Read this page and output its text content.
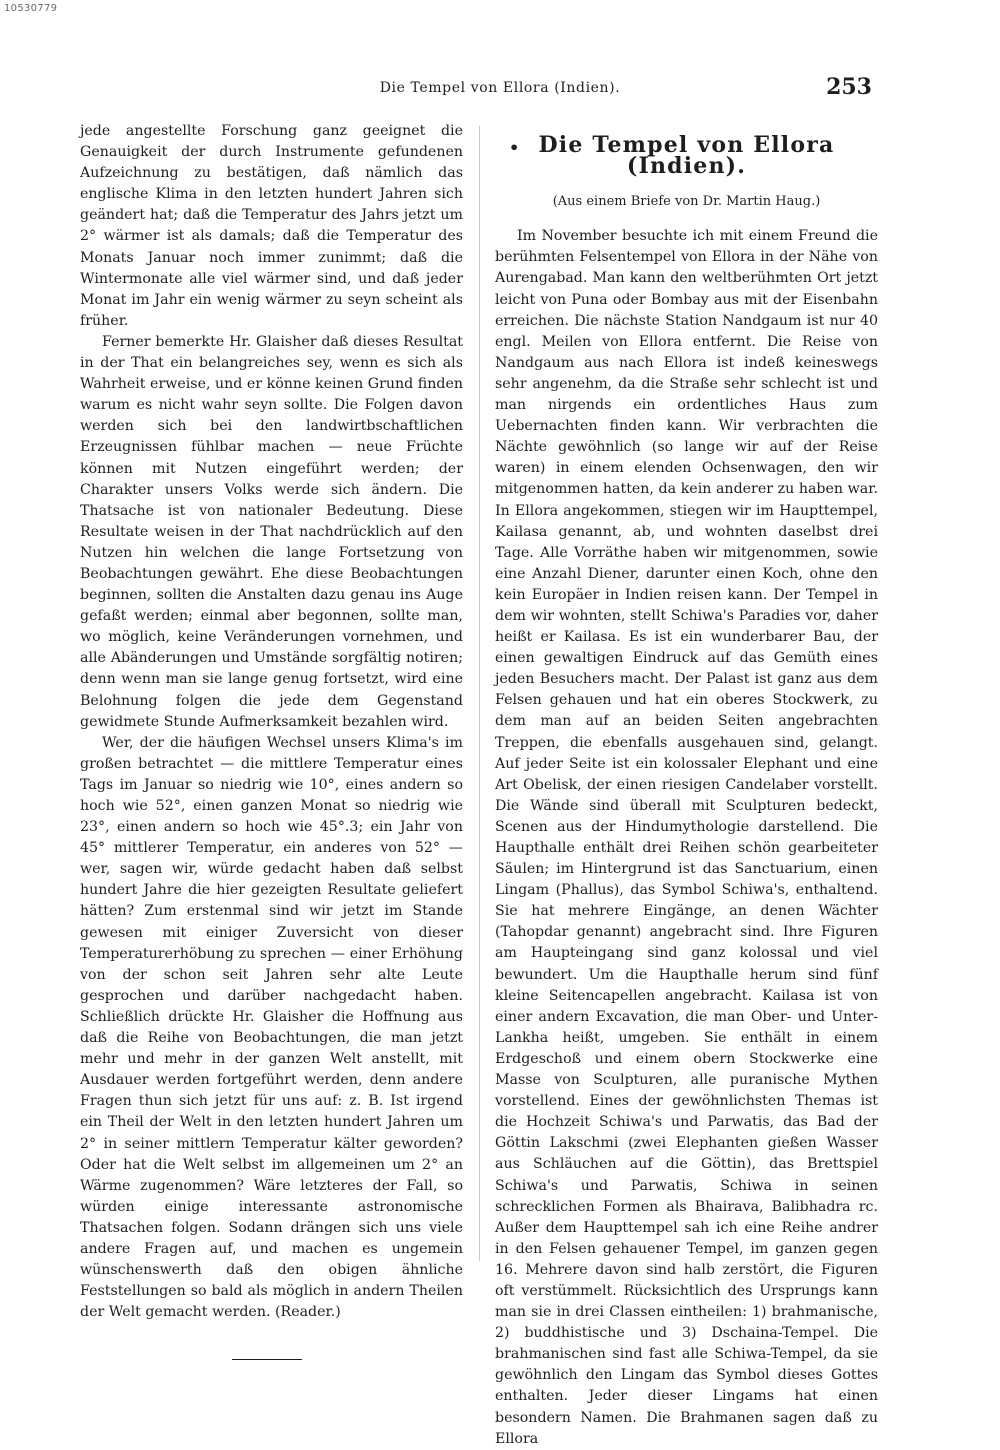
10530779
Die Tempel von Ellora (Indien).	253

jede angestellte Forschung ganz geeignet die Genauigkeit der durch Instrumente gefundenen Aufzeichnung zu bestätigen, daß nämlich das englische Klima in den letzten hundert Jahren sich geändert hat; daß die Temperatur des Jahrs jetzt um 2° wärmer ist als damals; daß die Temperatur des Monats Januar noch immer zunimmt; daß die Wintermonate alle viel wärmer sind, und daß jeder Monat im Jahr ein wenig wärmer zu seyn scheint als früher.

Ferner bemerkte Hr. Glaisher daß dieses Resultat in der That ein belangreiches sey, wenn es sich als Wahrheit erweise, und er könne keinen Grund finden warum es nicht wahr seyn sollte. Die Folgen davon werden sich bei den landwirtbschaftlichen Erzeugnissen fühlbar machen — neue Früchte können mit Nutzen eingeführt werden; der Charakter unsers Volks werde sich ändern. Die Thatsache ist von nationaler Bedeutung. Diese Resultate weisen in der That nachdrücklich auf den Nutzen hin welchen die lange Fortsetzung von Beobachtungen gewährt. Ehe diese Beobachtungen beginnen, sollten die Anstalten dazu genau ins Auge gefaßt werden; einmal aber begonnen, sollte man, wo möglich, keine Veränderungen vornehmen, und alle Abänderungen und Umstände sorgfältig notiren; denn wenn man sie lange genug fortsetzt, wird eine Belohnung folgen die jede dem Gegenstand gewidmete Stunde Aufmerksamkeit bezahlen wird.

Wer, der die häufigen Wechsel unsers Klima's im großen betrachtet — die mittlere Temperatur eines Tags im Januar so niedrig wie 10°, eines andern so hoch wie 52°, einen ganzen Monat so niedrig wie 23°, einen andern so hoch wie 45°.3; ein Jahr von 45° mittlerer Temperatur, ein anderes von 52° — wer, sagen wir, würde gedacht haben daß selbst hundert Jahre die hier gezeigten Resultate geliefert hätten? Zum erstenmal sind wir jetzt im Stande gewesen mit einiger Zuversicht von dieser Temperaturerhöbung zu sprechen — einer Erhöhung von der schon seit Jahren sehr alte Leute gesprochen und darüber nachgedacht haben. Schließlich drückte Hr. Glaisher die Hoffnung aus daß die Reihe von Beobachtungen, die man jetzt mehr und mehr in der ganzen Welt anstellt, mit Ausdauer werden fortgeführt werden, denn andere Fragen thun sich jetzt für uns auf: z. B. Ist irgend ein Theil der Welt in den letzten hundert Jahren um 2° in seiner mittlern Temperatur kälter geworden? Oder hat die Welt selbst im allgemeinen um 2° an Wärme zugenommen? Wäre letzteres der Fall, so würden einige interessante astronomische Thatsachen folgen. Sodann drängen sich uns viele andere Fragen auf, und machen es ungemein wünschenswerth daß den obigen ähnliche Feststellungen so bald als möglich in andern Theilen der Welt gemacht werden. (Reader.)

• Die Tempel von Ellora (Indien).
(Aus einem Briefe von Dr. Martin Haug.)

Im November besuchte ich mit einem Freund die berühmten Felsentempel von Ellora in der Nähe von Aurengabad. Man kann den weltberühmten Ort jetzt leicht von Puna oder Bombay aus mit der Eisenbahn erreichen. Die nächste Station Nandgaum ist nur 40 engl. Meilen von Ellora entfernt. Die Reise von Nandgaum aus nach Ellora ist indeß keineswegs sehr angenehm, da die Straße sehr schlecht ist und man nirgends ein ordentliches Haus zum Uebernachten finden kann. Wir verbrachten die Nächte gewöhnlich (so lange wir auf der Reise waren) in einem elenden Ochsenwagen, den wir mitgenommen hatten, da kein anderer zu haben war. In Ellora angekommen, stiegen wir im Haupttempel, Kailasa genannt, ab, und wohnten daselbst drei Tage. Alle Vorräthe haben wir mitgenommen, sowie eine Anzahl Diener, darunter einen Koch, ohne den kein Europäer in Indien reisen kann. Der Tempel in dem wir wohnten, stellt Schiwa's Paradies vor, daher heißt er Kailasa. Es ist ein wunderbarer Bau, der einen gewaltigen Eindruck auf das Gemüth eines jeden Besuchers macht. Der Palast ist ganz aus dem Felsen gehauen und hat ein oberes Stockwerk, zu dem man auf an beiden Seiten angebrachten Treppen, die ebenfalls ausgehauen sind, gelangt. Auf jeder Seite ist ein kolossaler Elephant und eine Art Obelisk, der einen riesigen Candelaber vorstellt. Die Wände sind überall mit Sculpturen bedeckt, Scenen aus der Hindumythologie darstellend. Die Haupthalle enthält drei Reihen schön gearbeiteter Säulen; im Hintergrund ist das Sanctuarium, einen Lingam (Phallus), das Symbol Schiwa's, enthaltend. Sie hat mehrere Eingänge, an denen Wächter (Tahopdar genannt) angebracht sind. Ihre Figuren am Haupteingang sind ganz kolossal und viel bewundert. Um die Haupthalle herum sind fünf kleine Seitencapellen angebracht. Kailasa ist von einer andern Excavation, die man Ober- und Unter-Lankha heißt, umgeben. Sie enthält in einem Erdgeschoß und einem obern Stockwerke eine Masse von Sculpturen, alle puranische Mythen vorstellend. Eines der gewöhnlichsten Themas ist die Hochzeit Schiwa's und Parwatis, das Bad der Göttin Lakschmi (zwei Elephanten gießen Wasser aus Schläuchen auf die Göttin), das Brettspiel Schiwa's und Parwatis, Schiwa in seinen schrecklichen Formen als Bhairava, Balibhadra rc. Außer dem Haupttempel sah ich eine Reihe andrer in den Felsen gehauener Tempel, im ganzen gegen 16. Mehrere davon sind halb zerstört, die Figuren oft verstümmelt. Rücksichtlich des Ursprungs kann man sie in drei Classen eintheilen: 1) brahmanische, 2) buddhistische und 3) Dschaina-Tempel. Die brahmanischen sind fast alle Schiwa-Tempel, da sie gewöhnlich den Lingam das Symbol dieses Gottes enthalten. Jeder dieser Lingams hat einen besondern Namen. Die Brahmanen sagen daß zu Ellora
